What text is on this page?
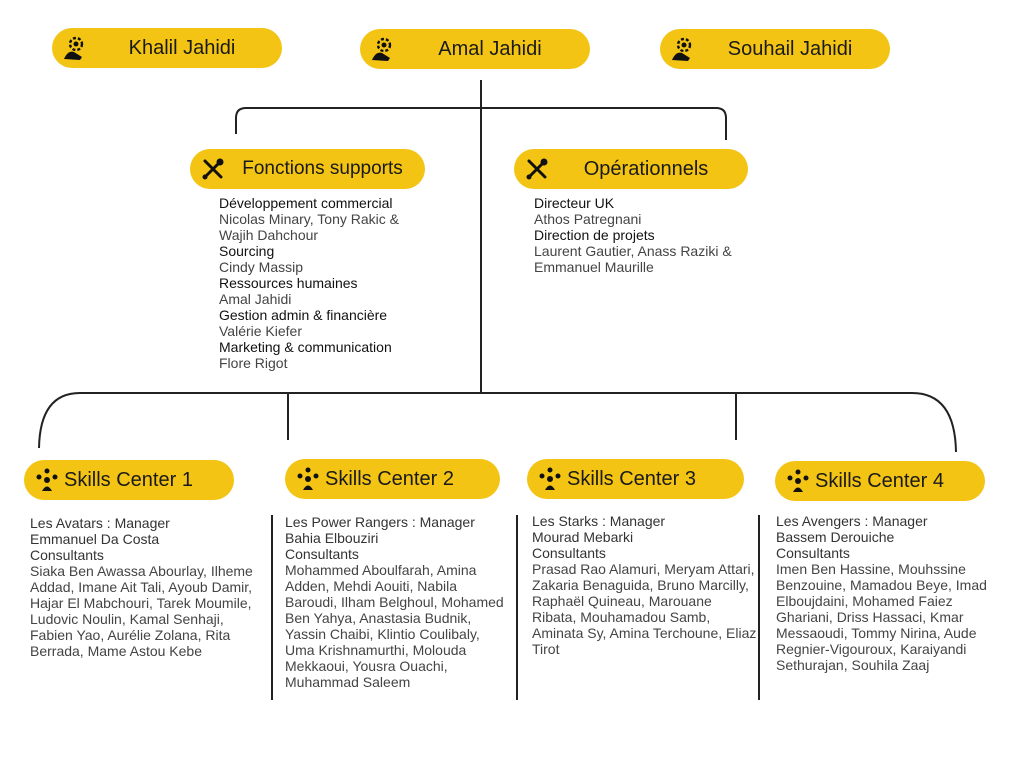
Khalil Jahidi	Amal Jahidi	Souhail Jahidi
Fonctions supports	Opérationnels
Développement commercial
Nicolas Minary, Tony Rakic &
Wajih Dahchour
Sourcing
Cindy Massip
Ressources humaines
Amal Jahidi
Gestion admin & financière
Valérie Kiefer
Marketing & communication
Flore Rigot
Directeur UK
Athos Patregnani
Direction de projets
Laurent Gautier, Anass Raziki &
Emmanuel Maurille
Skills Center 1	Skills Center 2	Skills Center 3	Skills Center 4
Les Avatars : Manager
Emmanuel Da Costa
Consultants
Siaka Ben Awassa Abourlay, Ilheme Addad, Imane Ait Tali, Ayoub Damir, Hajar El Mabchouri, Tarek Moumile, Ludovic Noulin, Kamal Senhaji, Fabien Yao, Aurélie Zolana, Rita Berrada, Mame Astou Kebe
Les Power Rangers : Manager
Bahia Elbouziri
Consultants
Mohammed Aboulfarah, Amina Adden, Mehdi Aouiti, Nabila Baroudi, Ilham Belghoul, Mohamed Ben Yahya, Anastasia Budnik, Yassin Chaibi, Klintio Coulibaly, Uma Krishnamurthi, Molouda Mekkaoui, Yousra Ouachi, Muhammad Saleem
Les Starks : Manager
Mourad Mebarki
Consultants
Prasad Rao Alamuri, Meryam Attari, Zakaria Benaguida, Bruno Marcilly, Raphaël Quineau, Marouane Ribata, Mouhamadou Samb, Aminata Sy, Amina Terchoune, Eliaz Tirot
Les Avengers : Manager
Bassem Derouiche
Consultants
Imen Ben Hassine, Mouhssine Benzouine, Mamadou Beye, Imad Elboujdaini, Mohamed Faiez Ghariani, Driss Hassaci, Kmar Messaoudi, Tommy Nirina, Aude Regnier-Vigouroux, Karaiyandi Sethurajan, Souhila Zaaj
